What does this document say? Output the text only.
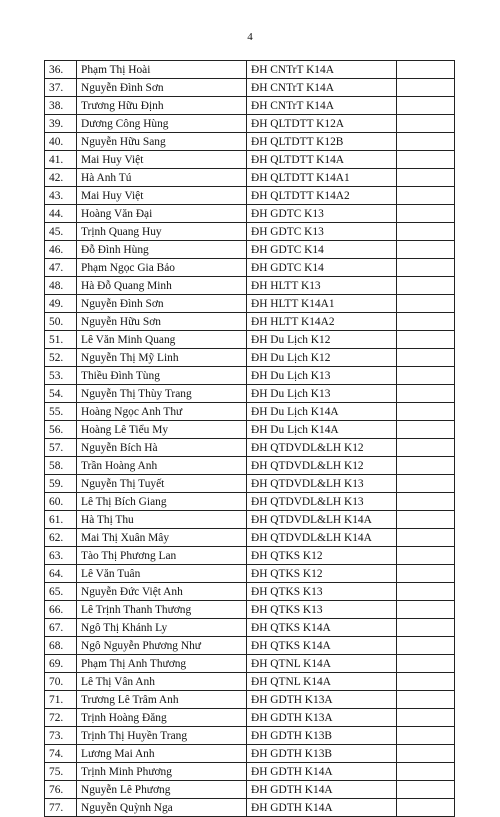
4
36.	Phạm Thị Hoài	ĐH CNTrT K14A	
37.	Nguyễn Đình Sơn	ĐH CNTrT K14A	
38.	Trương Hữu Định	ĐH CNTrT K14A	
39.	Dương Công Hùng	ĐH QLTDTT K12A	
40.	Nguyễn Hữu Sang	ĐH QLTDTT K12B	
41.	Mai Huy Việt	ĐH QLTDTT K14A	
42.	Hà Anh Tú	ĐH QLTDTT K14A1	
43.	Mai Huy Việt	ĐH QLTDTT K14A2	
44.	Hoàng Văn Đại	ĐH GDTC K13	
45.	Trịnh Quang Huy	ĐH GDTC K13	
46.	Đỗ Đình Hùng	ĐH GDTC K14	
47.	Phạm Ngọc Gia Bảo	ĐH GDTC K14	
48.	Hà Đỗ Quang Minh	ĐH HLTT K13	
49.	Nguyễn Đình Sơn	ĐH HLTT K14A1	
50.	Nguyễn Hữu Sơn	ĐH HLTT K14A2	
51.	Lê Văn Minh Quang	ĐH Du Lịch K12	
52.	Nguyễn Thị Mỹ Linh	ĐH Du Lịch K12	
53.	Thiều Đình Tùng	ĐH Du Lịch K13	
54.	Nguyễn Thị Thùy Trang	ĐH Du Lịch K13	
55.	Hoàng Ngọc Anh Thư	ĐH Du Lịch K14A	
56.	Hoàng Lê Tiểu My	ĐH Du Lịch K14A	
57.	Nguyễn Bích Hà	ĐH QTDVDL&LH K12	
58.	Trần Hoàng Anh	ĐH QTDVDL&LH K12	
59.	Nguyễn Thị Tuyết	ĐH QTDVDL&LH K13	
60.	Lê Thị Bích Giang	ĐH QTDVDL&LH K13	
61.	Hà Thị Thu	ĐH QTDVDL&LH K14A	
62.	Mai Thị Xuân Mây	ĐH QTDVDL&LH K14A	
63.	Tào Thị Phương Lan	ĐH QTKS K12	
64.	Lê Văn Tuân	ĐH QTKS K12	
65.	Nguyễn Đức Việt Anh	ĐH QTKS K13	
66.	Lê Trịnh Thanh Thương	ĐH QTKS K13	
67.	Ngô Thị Khánh Ly	ĐH QTKS K14A	
68.	Ngô Nguyễn Phương Như	ĐH QTKS K14A	
69.	Phạm Thị Anh Thương	ĐH QTNL K14A	
70.	Lê Thị Vân Anh	ĐH QTNL K14A	
71.	Trương Lê Trâm Anh	ĐH GDTH K13A	
72.	Trịnh Hoàng Đăng	ĐH GDTH K13A	
73.	Trịnh Thị Huyền Trang	ĐH GDTH K13B	
74.	Lương Mai Anh	ĐH GDTH K13B	
75.	Trịnh Minh Phương	ĐH GDTH K14A	
76.	Nguyễn Lê Phương	ĐH GDTH K14A	
77.	Nguyễn Quỳnh Nga	ĐH GDTH K14A	
